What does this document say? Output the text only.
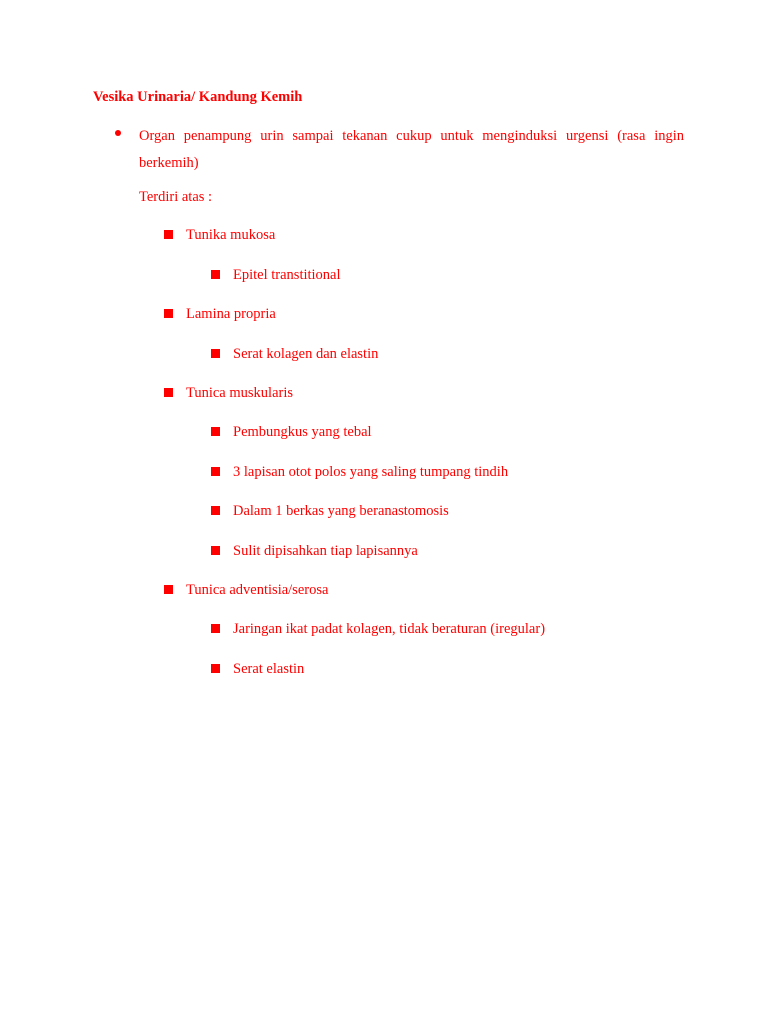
Vesika Urinaria/ Kandung Kemih
Organ penampung urin sampai tekanan cukup untuk menginduksi urgensi (rasa ingin berkemih)
Terdiri atas :
Tunika mukosa
Epitel transtitional
Lamina propria
Serat kolagen dan elastin
Tunica muskularis
Pembungkus yang tebal
3 lapisan otot polos yang saling tumpang tindih
Dalam 1 berkas yang beranastomosis
Sulit dipisahkan tiap lapisannya
Tunica adventisia/serosa
Jaringan ikat padat kolagen, tidak beraturan (iregular)
Serat elastin
